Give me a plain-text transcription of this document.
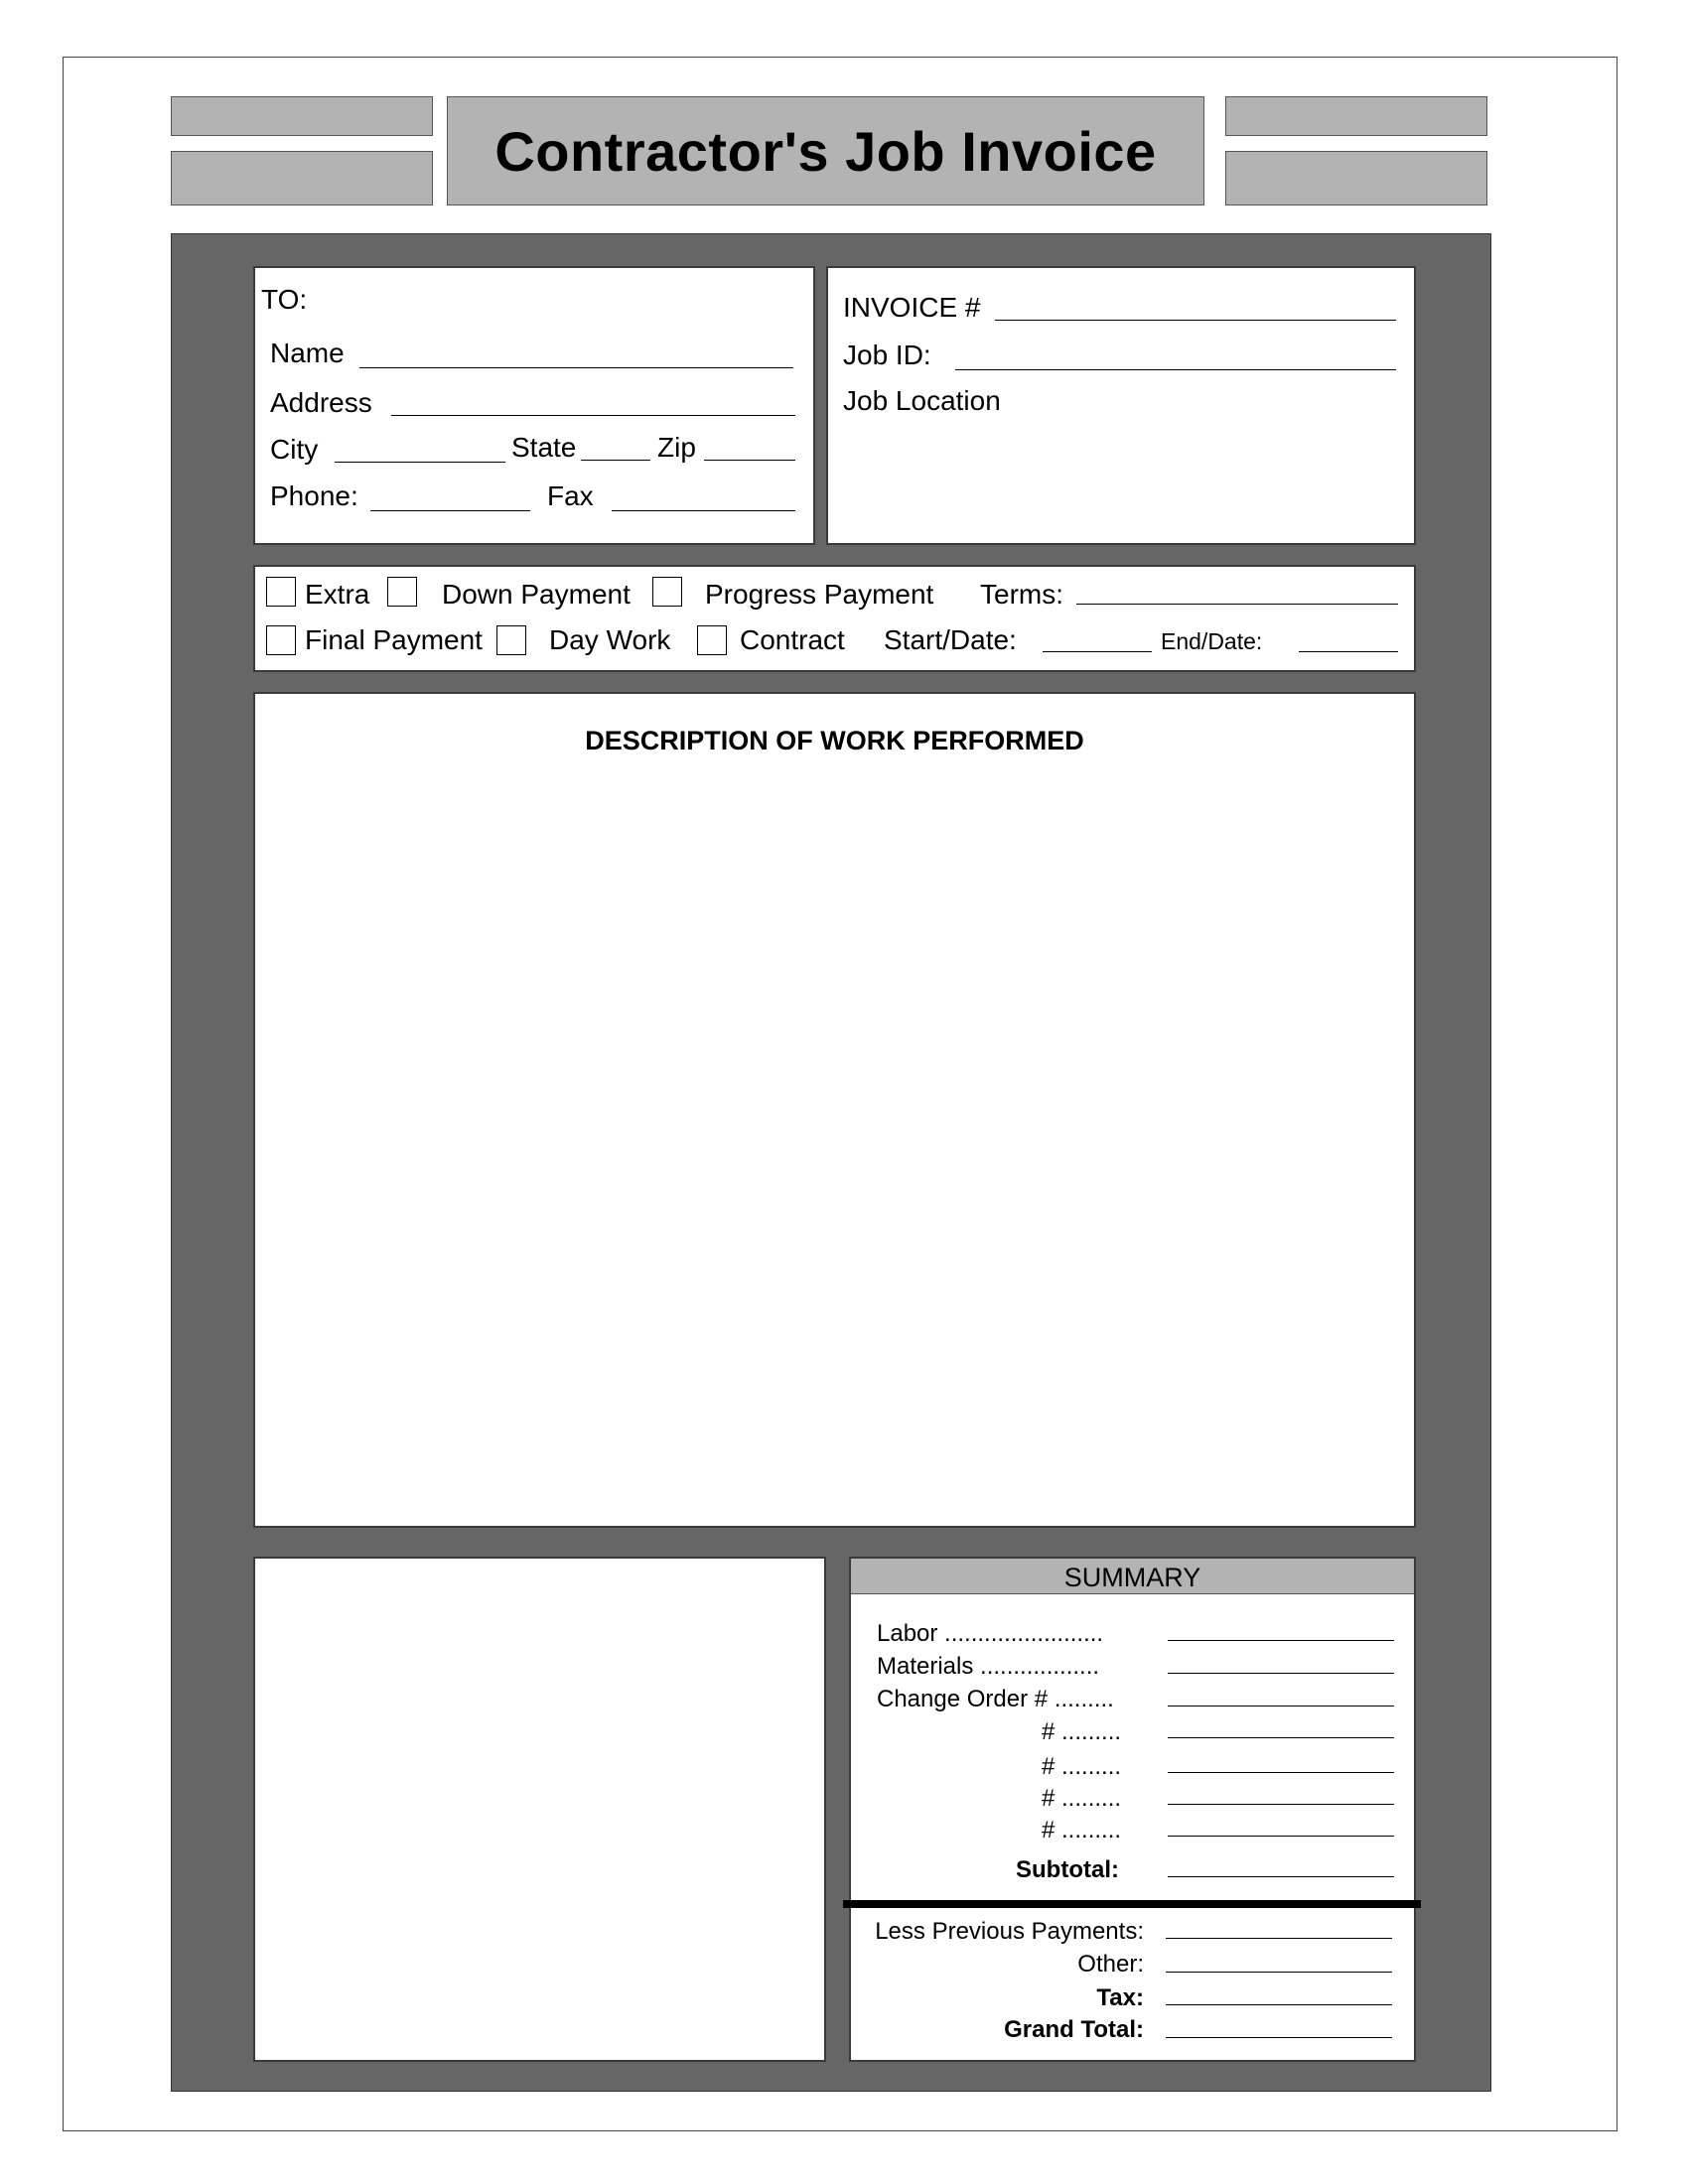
Contractor's Job Invoice
TO:
Name
Address
City	State	Zip
Phone:	Fax
INVOICE #
Job ID:
Job Location
Extra	Down Payment	Progress Payment Terms:
Final Payment Day Work Contract Start/Date:	End/Date:
DESCRIPTION OF WORK PERFORMED
SUMMARY
Labor ........................
Materials ..................
Change Order # .........
# .........
# .........
# .........
# .........
Subtotal:
Less Previous Payments:
Other:
Tax:
Grand Total:
